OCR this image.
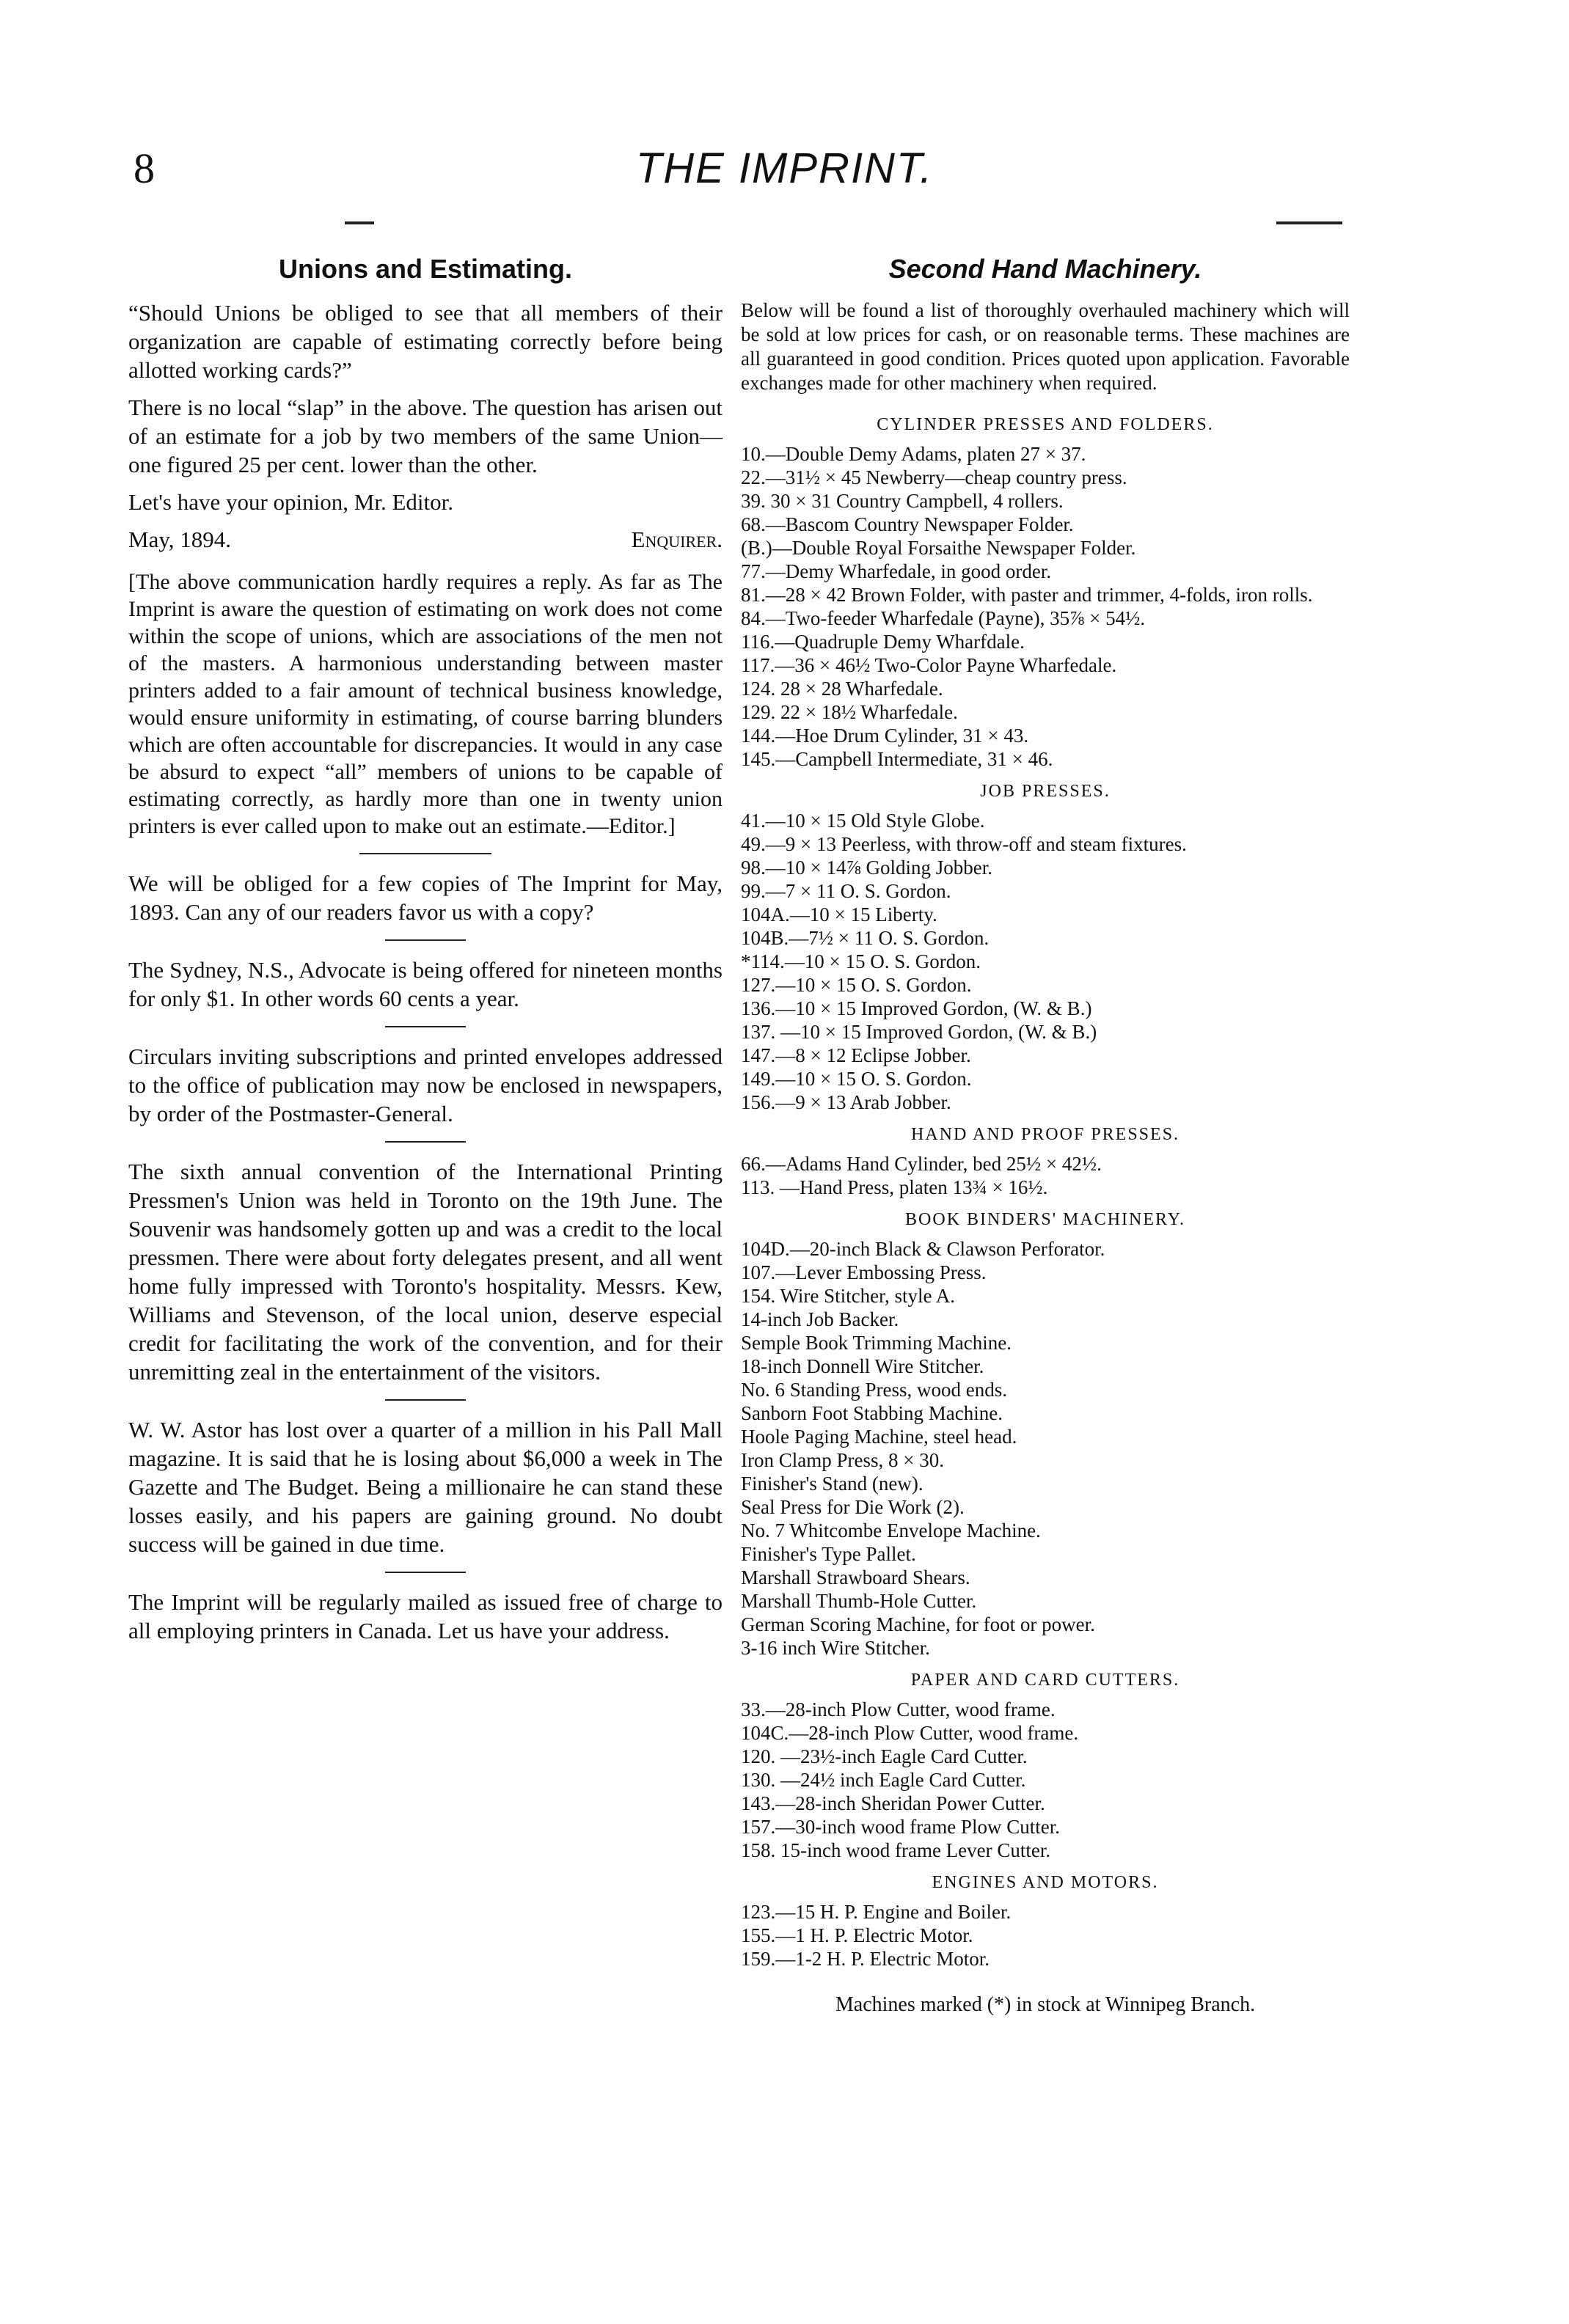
8	THE IMPRINT.
Unions and Estimating.

“Should Unions be obliged to see that all members of their organization are capable of estimating correctly before being allotted working cards?”

There is no local “slap” in the above. The question has arisen out of an estimate for a job by two members of the same Union—one figured 25 per cent. lower than the other.

Let's have your opinion, Mr. Editor.

May, 1894.	Enquirer.

[The above communication hardly requires a reply. As far as The Imprint is aware the question of estimating on work does not come within the scope of unions, which are associations of the men not of the masters. A harmonious understanding between master printers added to a fair amount of technical business knowledge, would ensure uniformity in estimating, of course barring blunders which are often accountable for discrepancies. It would in any case be absurd to expect “all” members of unions to be capable of estimating correctly, as hardly more than one in twenty union printers is ever called upon to make out an estimate.—Editor.]

We will be obliged for a few copies of The Imprint for May, 1893. Can any of our readers favor us with a copy?

The Sydney, N.S., Advocate is being offered for nineteen months for only $1. In other words 60 cents a year.

Circulars inviting subscriptions and printed envelopes addressed to the office of publication may now be enclosed in newspapers, by order of the Postmaster-General.

The sixth annual convention of the International Printing Pressmen's Union was held in Toronto on the 19th June. The Souvenir was handsomely gotten up and was a credit to the local pressmen. There were about forty delegates present, and all went home fully impressed with Toronto's hospitality. Messrs. Kew, Williams and Stevenson, of the local union, deserve especial credit for facilitating the work of the convention, and for their unremitting zeal in the entertainment of the visitors.

W. W. Astor has lost over a quarter of a million in his Pall Mall magazine. It is said that he is losing about $6,000 a week in The Gazette and The Budget. Being a millionaire he can stand these losses easily, and his papers are gaining ground. No doubt success will be gained in due time.

The Imprint will be regularly mailed as issued free of charge to all employing printers in Canada. Let us have your address.

Second Hand Machinery.

Below will be found a list of thoroughly overhauled machinery which will be sold at low prices for cash, or on reasonable terms. These machines are all guaranteed in good condition. Prices quoted upon application. Favorable exchanges made for other machinery when required.

CYLINDER PRESSES AND FOLDERS.

10.—Double Demy Adams, platen 27 × 37.

22.—31½ × 45 Newberry—cheap country press.

39. 30 × 31 Country Campbell, 4 rollers.

68.—Bascom Country Newspaper Folder.

(B.)—Double Royal Forsaithe Newspaper Folder.

77.—Demy Wharfedale, in good order.

81.—28 × 42 Brown Folder, with paster and trimmer, 4-folds, iron rolls.

84.—Two-feeder Wharfedale (Payne), 35⅞ × 54½.

116.—Quadruple Demy Wharfdale.

117.—36 × 46½ Two-Color Payne Wharfedale.

124. 28 × 28 Wharfedale.

129. 22 × 18½ Wharfedale.

144.—Hoe Drum Cylinder, 31 × 43.

145.—Campbell Intermediate, 31 × 46.

JOB PRESSES.

41.—10 × 15 Old Style Globe.

49.—9 × 13 Peerless, with throw-off and steam fixtures.

98.—10 × 14⅞ Golding Jobber.

99.—7 × 11 O. S. Gordon.

104A.—10 × 15 Liberty.

104B.—7½ × 11 O. S. Gordon.

*114.—10 × 15 O. S. Gordon.

127.—10 × 15 O. S. Gordon.

136.—10 × 15 Improved Gordon, (W. & B.)

137. —10 × 15 Improved Gordon, (W. & B.)

147.—8 × 12 Eclipse Jobber.

149.—10 × 15 O. S. Gordon.

156.—9 × 13 Arab Jobber.

HAND AND PROOF PRESSES.

66.—Adams Hand Cylinder, bed 25½ × 42½.

113. —Hand Press, platen 13¾ × 16½.

BOOK BINDERS' MACHINERY.

104D.—20-inch Black & Clawson Perforator.

107.—Lever Embossing Press.

154. Wire Stitcher, style A.

14-inch Job Backer.

Semple Book Trimming Machine.

18-inch Donnell Wire Stitcher.

No. 6 Standing Press, wood ends.

Sanborn Foot Stabbing Machine.

Hoole Paging Machine, steel head.

Iron Clamp Press, 8 × 30.

Finisher's Stand (new).

Seal Press for Die Work (2).

No. 7 Whitcombe Envelope Machine.

Finisher's Type Pallet.

Marshall Strawboard Shears.

Marshall Thumb-Hole Cutter.

German Scoring Machine, for foot or power.

3-16 inch Wire Stitcher.

PAPER AND CARD CUTTERS.

33.—28-inch Plow Cutter, wood frame.

104C.—28-inch Plow Cutter, wood frame.

120. —23½-inch Eagle Card Cutter.

130. —24½ inch Eagle Card Cutter.

143.—28-inch Sheridan Power Cutter.

157.—30-inch wood frame Plow Cutter.

158. 15-inch wood frame Lever Cutter.

ENGINES AND MOTORS.

123.—15 H. P. Engine and Boiler.

155.—1 H. P. Electric Motor.

159.—1-2 H. P. Electric Motor.

Machines marked (*) in stock at Winnipeg Branch.
